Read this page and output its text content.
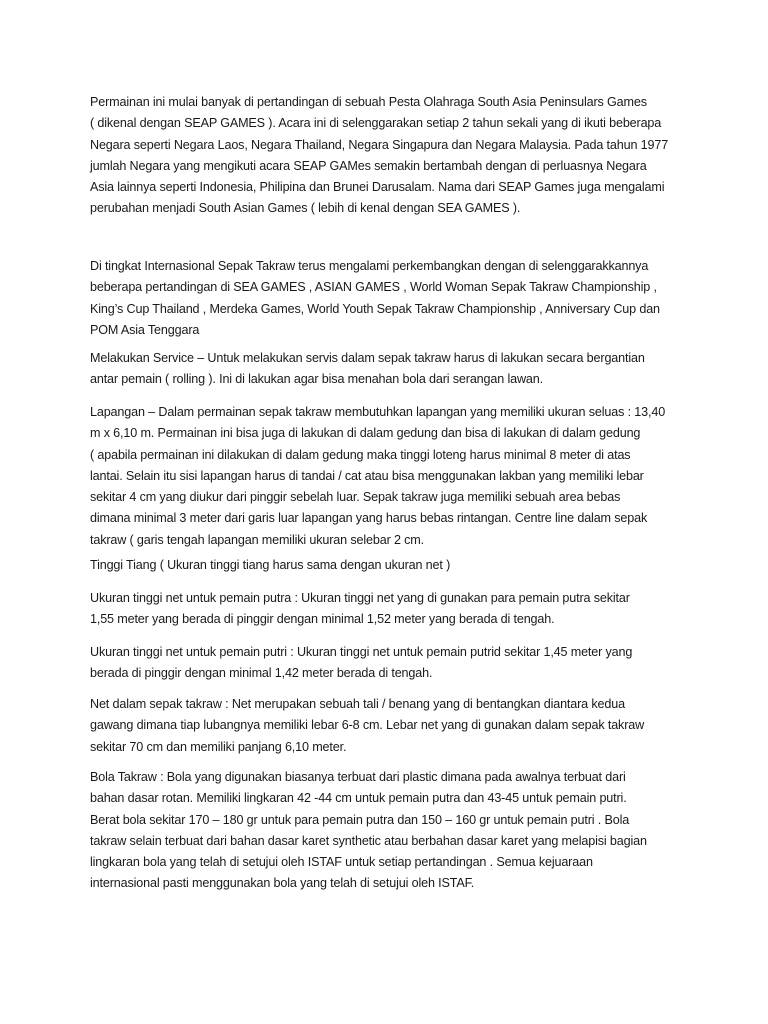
Permainan ini mulai banyak di pertandingan di sebuah Pesta Olahraga South Asia Peninsulars Games
( dikenal dengan SEAP GAMES ). Acara ini di selenggarakan setiap 2 tahun sekali yang di ikuti beberapa
Negara seperti Negara Laos, Negara Thailand, Negara Singapura dan Negara Malaysia. Pada tahun 1977
jumlah Negara yang mengikuti acara SEAP GAMes semakin bertambah dengan di perluasnya Negara
Asia lainnya seperti Indonesia, Philipina dan Brunei Darusalam. Nama dari SEAP Games juga mengalami
perubahan menjadi South Asian Games ( lebih di kenal dengan SEA GAMES ).
Di tingkat Internasional Sepak Takraw terus mengalami perkembangkan dengan di selenggarakkannya
beberapa pertandingan di SEA GAMES , ASIAN GAMES , World Woman Sepak Takraw Championship ,
King’s Cup Thailand , Merdeka Games, World Youth Sepak Takraw Championship , Anniversary Cup dan
POM Asia Tenggara
Melakukan Service – Untuk melakukan servis dalam sepak takraw harus di lakukan secara bergantian
antar pemain ( rolling ). Ini di lakukan agar bisa menahan bola dari serangan lawan.
Lapangan – Dalam permainan sepak takraw membutuhkan lapangan yang memiliki ukuran seluas : 13,40
m x 6,10 m. Permainan ini bisa juga di lakukan di dalam gedung dan bisa di lakukan di dalam gedung
( apabila permainan ini dilakukan di dalam gedung maka tinggi loteng harus minimal 8 meter di atas
lantai. Selain itu sisi lapangan harus di tandai / cat atau bisa menggunakan lakban yang memiliki lebar
sekitar 4 cm yang diukur dari pinggir sebelah luar. Sepak takraw juga memiliki sebuah area bebas
dimana minimal 3 meter dari garis luar lapangan yang harus bebas rintangan. Centre line dalam sepak
takraw ( garis tengah lapangan memiliki ukuran selebar 2 cm.
Tinggi Tiang ( Ukuran tinggi tiang harus sama dengan ukuran net )
Ukuran tinggi net untuk pemain putra : Ukuran tinggi net yang di gunakan para pemain putra sekitar
1,55 meter yang berada di pinggir dengan minimal 1,52 meter yang berada di tengah.
Ukuran tinggi net untuk pemain putri : Ukuran tinggi net untuk pemain putrid sekitar 1,45 meter yang
berada di pinggir dengan minimal 1,42 meter berada di tengah.
Net dalam sepak takraw : Net merupakan sebuah tali / benang yang di bentangkan diantara kedua
gawang dimana tiap lubangnya memiliki lebar 6-8 cm. Lebar net yang di gunakan dalam sepak takraw
sekitar 70 cm dan memiliki panjang 6,10 meter.
Bola Takraw : Bola yang digunakan biasanya terbuat dari plastic dimana pada awalnya terbuat dari
bahan dasar rotan. Memiliki lingkaran 42 -44 cm untuk pemain putra dan 43-45 untuk pemain putri.
Berat bola sekitar 170 – 180 gr untuk para pemain putra dan 150 – 160 gr untuk pemain putri . Bola
takraw selain terbuat dari bahan dasar karet synthetic atau berbahan dasar karet yang melapisi bagian
lingkaran bola yang telah di setujui oleh ISTAF untuk setiap pertandingan . Semua kejuaraan
internasional pasti menggunakan bola yang telah di setujui oleh ISTAF.
